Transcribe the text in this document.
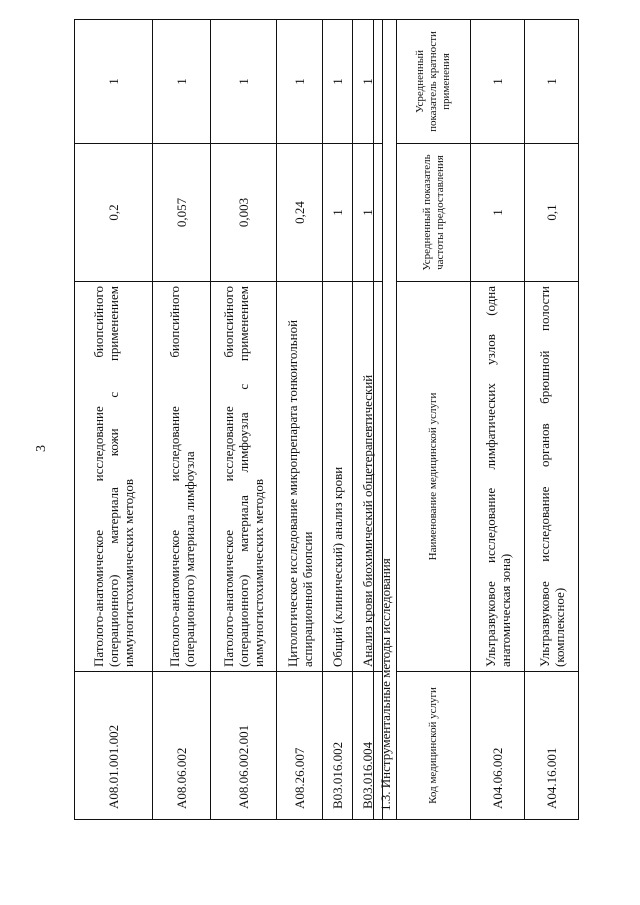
3
A08.01.001.002	Патолого-анатомическое исследование биопсийного (операционного) материала кожи с применением иммуногистохимических методов	0,2	1
A08.06.002	Патолого-анатомическое исследование биопсийного (операционного) материала лимфоузла	0,057	1
A08.06.002.001	Патолого-анатомическое исследование биопсийного (операционного) материала лимфоузла с применением иммуногистохимических методов	0,003	1
A08.26.007	Цитологическое исследование микропрепарата тонкоигольной аспирационной биопсии	0,24	1
B03.016.002	Общий (клинический) анализ крови	1	1
B03.016.004	Анализ крови биохимический общетерапевтический	1	1
1.3. Инструментальные методы исследования			
Код медицинской услуги	Наименование медицинской услуги	Усредненный показатель частоты предоставления	Усредненный показатель кратности применения
A04.06.002	Ультразвуковое исследование лимфатических узлов (одна анатомическая зона)	1	1
A04.16.001	Ультразвуковое исследование органов брюшной полости (комплексное)	0,1	1
